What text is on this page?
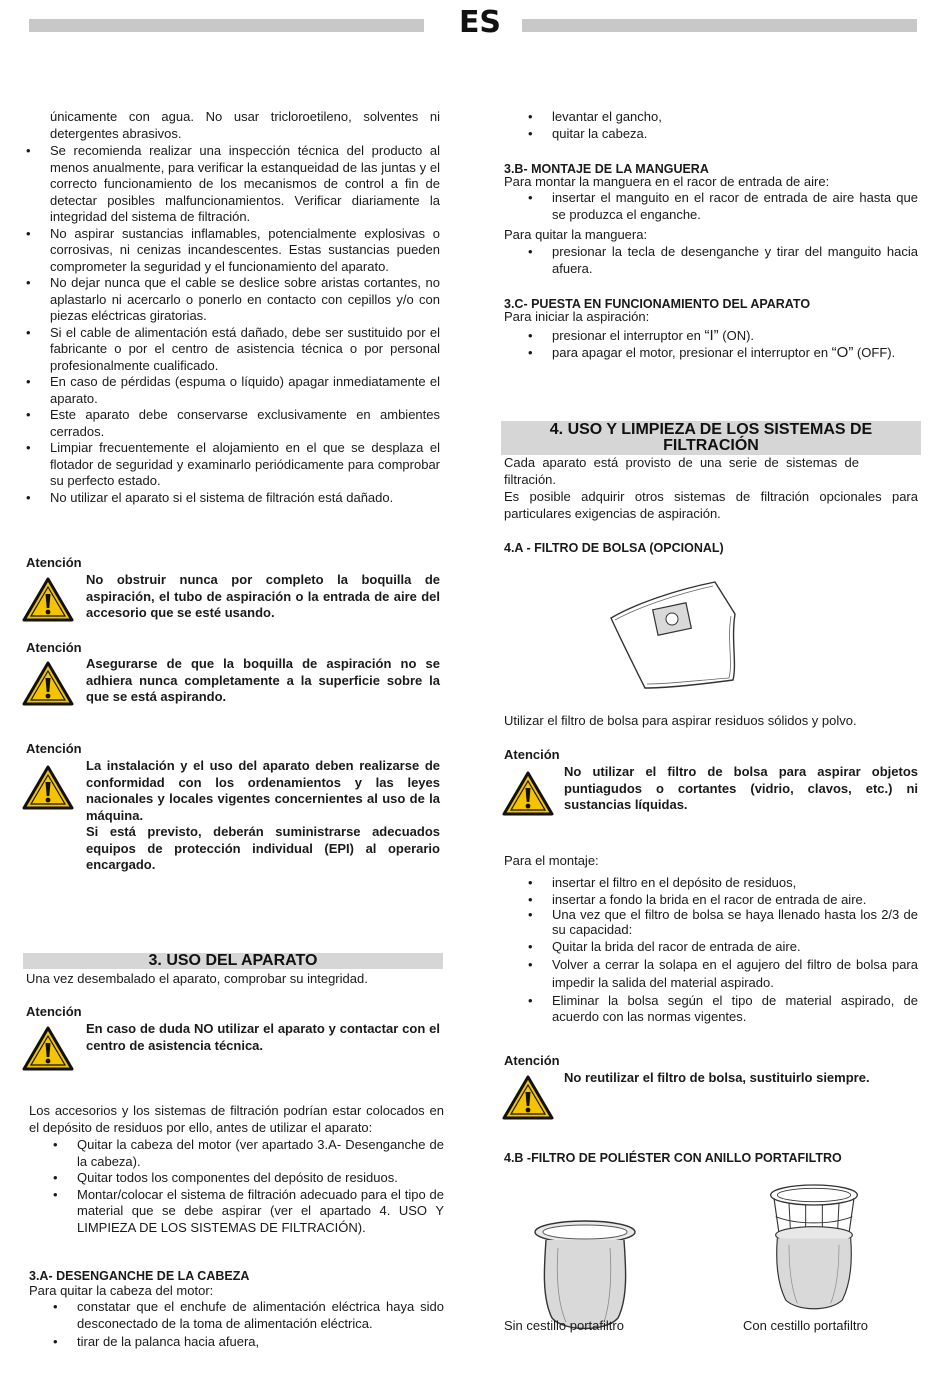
ES
únicamente con agua. No usar tricloroetileno, solventes ni detergentes abrasivos.
• Se recomienda realizar una inspección técnica del producto al menos anualmente, para verificar la estanqueidad de las juntas y el correcto funcionamiento de los mecanismos de control a fin de detectar posibles malfuncionamientos. Verificar diariamente la integridad del sistema de filtración.
• No aspirar sustancias inflamables, potencialmente explosivas o corrosivas, ni cenizas incandescentes. Estas sustancias pueden comprometer la seguridad y el funcionamiento del aparato.
• No dejar nunca que el cable se deslice sobre aristas cortantes, no aplastarlo ni acercarlo o ponerlo en contacto con cepillos y/o con piezas eléctricas giratorias.
• Si el cable de alimentación está dañado, debe ser sustituido por el fabricante o por el centro de asistencia técnica o por personal profesionalmente cualificado.
• En caso de pérdidas (espuma o líquido) apagar inmediatamente el aparato.
• Este aparato debe conservarse exclusivamente en ambientes cerrados.
• Limpiar frecuentemente el alojamiento en el que se desplaza el flotador de seguridad y examinarlo periódicamente para comprobar su perfecto estado.
• No utilizar el aparato si el sistema de filtración está dañado.
Atención
No obstruir nunca por completo la boquilla de aspiración, el tubo de aspiración o la entrada de aire del accesorio que se esté usando.
Atención
Asegurarse de que la boquilla de aspiración no se adhiera nunca completamente a la superficie sobre la que se está aspirando.
Atención
La instalación y el uso del aparato deben realizarse de conformidad con los ordenamientos y las leyes nacionales y locales vigentes concernientes al uso de la máquina.
Si está previsto, deberán suministrarse adecuados equipos de protección individual (EPI) al operario encargado.
3. USO DEL APARATO
Una vez desembalado el aparato, comprobar su integridad.
Atención
En caso de duda NO utilizar el aparato y contactar con el centro de asistencia técnica.
Los accesorios y los sistemas de filtración podrían estar colocados en el depósito de residuos por ello, antes de utilizar el aparato:
• Quitar la cabeza del motor (ver apartado 3.A- Desenganche de la cabeza).
• Quitar todos los componentes del depósito de residuos.
• Montar/colocar el sistema de filtración adecuado para el tipo de material que se debe aspirar (ver el apartado 4. USO Y LIMPIEZA DE LOS SISTEMAS DE FILTRACIÓN).
3.A- DESENGANCHE DE LA CABEZA
Para quitar la cabeza del motor:
• constatar que el enchufe de alimentación eléctrica haya sido desconectado de la toma de alimentación eléctrica.
• tirar de la palanca hacia afuera,
• levantar el gancho,
• quitar la cabeza.
3.B- MONTAJE DE LA MANGUERA
Para montar la manguera en el racor de entrada de aire:
• insertar el manguito en el racor de entrada de aire hasta que se produzca el enganche.
Para quitar la manguera:
• presionar la tecla de desenganche y tirar del manguito hacia afuera.
3.C- PUESTA EN FUNCIONAMIENTO DEL APARATO
Para iniciar la aspiración:
• presionar el interruptor en “I” (ON).
• para apagar el motor, presionar el interruptor en “O” (OFF).
4. USO Y LIMPIEZA DE LOS SISTEMAS DE
FILTRACIÓN
Cada aparato está provisto de una serie de sistemas de filtración.
Es posible adquirir otros sistemas de filtración opcionales para particulares exigencias de aspiración.
4.A - FILTRO DE BOLSA (OPCIONAL)
Utilizar el filtro de bolsa para aspirar residuos sólidos y polvo.
Atención
No utilizar el filtro de bolsa para aspirar objetos puntiagudos o cortantes (vidrio, clavos, etc.) ni sustancias líquidas.
Para el montaje:
• insertar el filtro en el depósito de residuos,
• insertar a fondo la brida en el racor de entrada de aire.
• Una vez que el filtro de bolsa se haya llenado hasta los 2/3 de su capacidad:
• Quitar la brida del racor de entrada de aire.
• Volver a cerrar la solapa en el agujero del filtro de bolsa para impedir la salida del material aspirado.
• Eliminar la bolsa según el tipo de material aspirado, de acuerdo con las normas vigentes.
Atención
No reutilizar el filtro de bolsa, sustituirlo siempre.
4.B -FILTRO DE POLIÉSTER CON ANILLO PORTAFILTRO
Sin cestillo portafiltro	Con cestillo portafiltro
